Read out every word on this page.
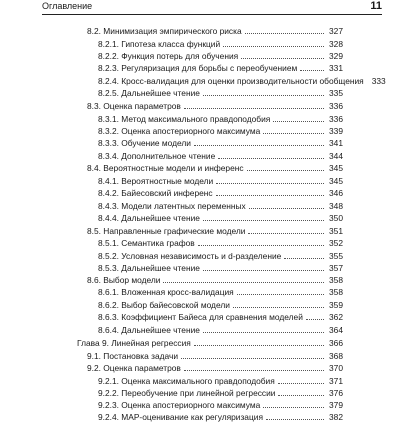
Оглавление	11
8.2. Минимизация эмпирического риска	327
8.2.1. Гипотеза класса функций	328
8.2.2. Функция потерь для обучения	329
8.2.3. Регуляризация для борьбы с переобучением	331
8.2.4. Кросс-валидация для оценки производительности обобщения 333
8.2.5. Дальнейшее чтение	335
8.3. Оценка параметров	336
8.3.1. Метод максимального правдоподобия	336
8.3.2. Оценка апостериорного максимума	339
8.3.3. Обучение модели	341
8.3.4. Дополнительное чтение	344
8.4. Вероятностные модели и инференс	345
8.4.1. Вероятностные модели	345
8.4.2. Байесовский инференс	346
8.4.3. Модели латентных переменных	348
8.4.4. Дальнейшее чтение	350
8.5. Направленные графические модели	351
8.5.1. Семантика графов	352
8.5.2. Условная независимость и d-разделение	355
8.5.3. Дальнейшее чтение	357
8.6. Выбор модели	358
8.6.1. Вложенная кросс-валидация	358
8.6.2. Выбор байесовской модели	359
8.6.3. Коэффициент Байеса для сравнения моделей	362
8.6.4. Дальнейшее чтение	364
Глава 9. Линейная регрессия	366
9.1. Постановка задачи	368
9.2. Оценка параметров	370
9.2.1. Оценка максимального правдоподобия	371
9.2.2. Переобучение при линейной регрессии	376
9.2.3. Оценка апостериорного максимума	379
9.2.4. MAP-оценивание как регуляризация	382
